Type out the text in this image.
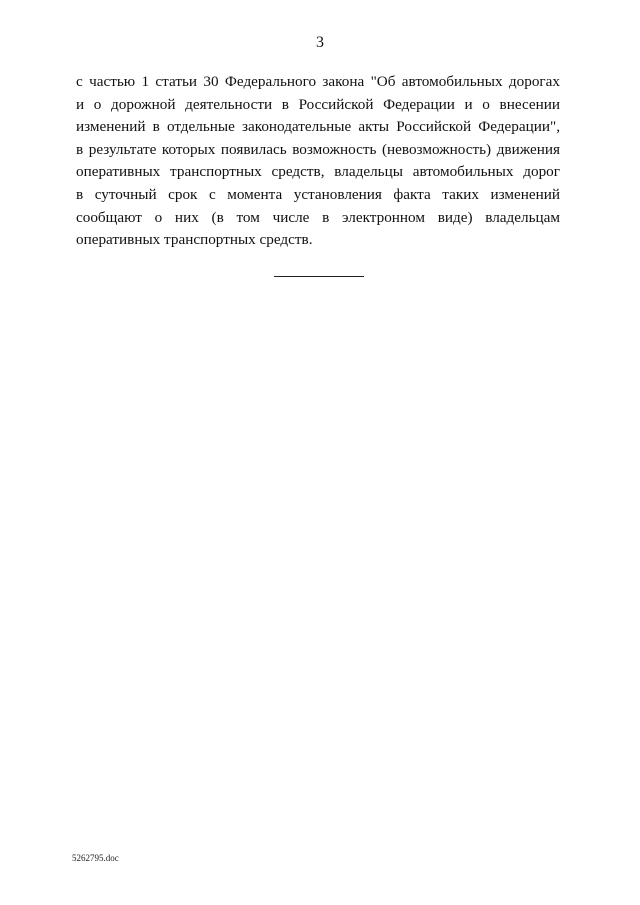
3
с частью 1 статьи 30 Федерального закона "Об автомобильных дорогах
и о дорожной деятельности в Российской Федерации и о внесении
изменений в отдельные законодательные акты Российской Федерации",
в результате которых появилась возможность (невозможность) движения
оперативных транспортных средств, владельцы автомобильных дорог
в суточный срок с момента установления факта таких изменений
сообщают о них (в том числе в электронном виде) владельцам
оперативных транспортных средств.
5262795.doc
